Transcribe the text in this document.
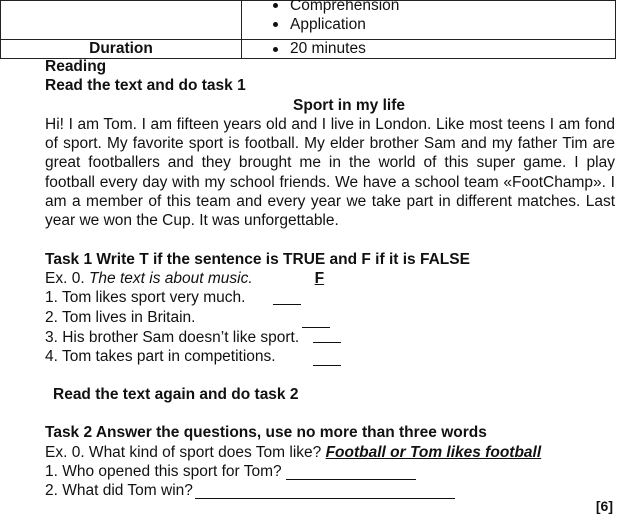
	Comprehension
Application

Duration	20 minutes
Reading
Read the text and do task 1
Sport in my life
Hi! I am Tom. I am fifteen years old and I live in London. Like most teens I am fond of sport. My favorite sport is football. My elder brother Sam and my father Tim are great footballers and they brought me in the world of this super game. I play football every day with my school friends. We have a school team «FootChamp». I am a member of this team and every year we take part in different matches. Last year we won the Cup. It was unforgettable.
Task 1 Write T if the sentence is TRUE and F if it is FALSE
Ex. 0.
The text is about music.	F
1. Tom likes sport very much.
2. Tom lives in Britain.
3. His brother Sam doesn’t like sport.
4. Tom takes part in competitions.
Read the text again and do task 2
Task 2 Answer the questions, use no more than three words
Ex. 0. What kind of sport does Tom like?
Football or Tom likes football
1. Who opened this sport for Tom?
2. What did Tom win?
[6]
